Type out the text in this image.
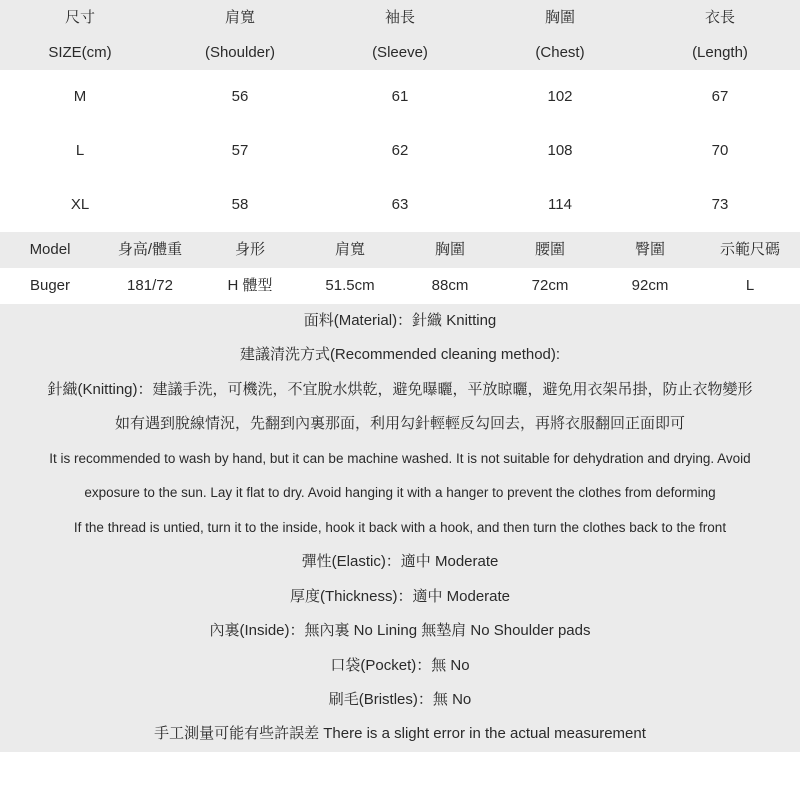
尺寸	肩寬	袖長	胸圍	衣長
SIZE(cm)	(Shoulder)	(Sleeve)	(Chest)	(Length)
M	56	61	102	67
L	57	62	108	70
XL	58	63	114	73
Model	身高/體重	身形	肩寬	胸圍	腰圍	臀圍	示範尺碼
Buger	181/72	H 體型	51.5cm	88cm	72cm	92cm	L
面料(Material)：針織 Knitting
建議清洗方式(Recommended cleaning method):
針織(Knitting)：建議手洗，可機洗，不宜脫水烘乾，避免曝曬，平放晾曬，避免用衣架吊掛，防止衣物變形
如有遇到脫線情況，先翻到內裏那面，利用勾針輕輕反勾回去，再將衣服翻回正面即可
It is recommended to wash by hand, but it can be machine washed. It is not suitable for dehydration and drying. Avoid
exposure to the sun. Lay it flat to dry. Avoid hanging it with a hanger to prevent the clothes from deforming
If the thread is untied, turn it to the inside, hook it back with a hook, and then turn the clothes back to the front
彈性(Elastic)：適中 Moderate
厚度(Thickness)：適中 Moderate
內裏(Inside)：無內裏 No Lining 無墊肩 No Shoulder pads
口袋(Pocket)：無 No
刷毛(Bristles)：無 No
手工測量可能有些許誤差 There is a slight error in the actual measurement
